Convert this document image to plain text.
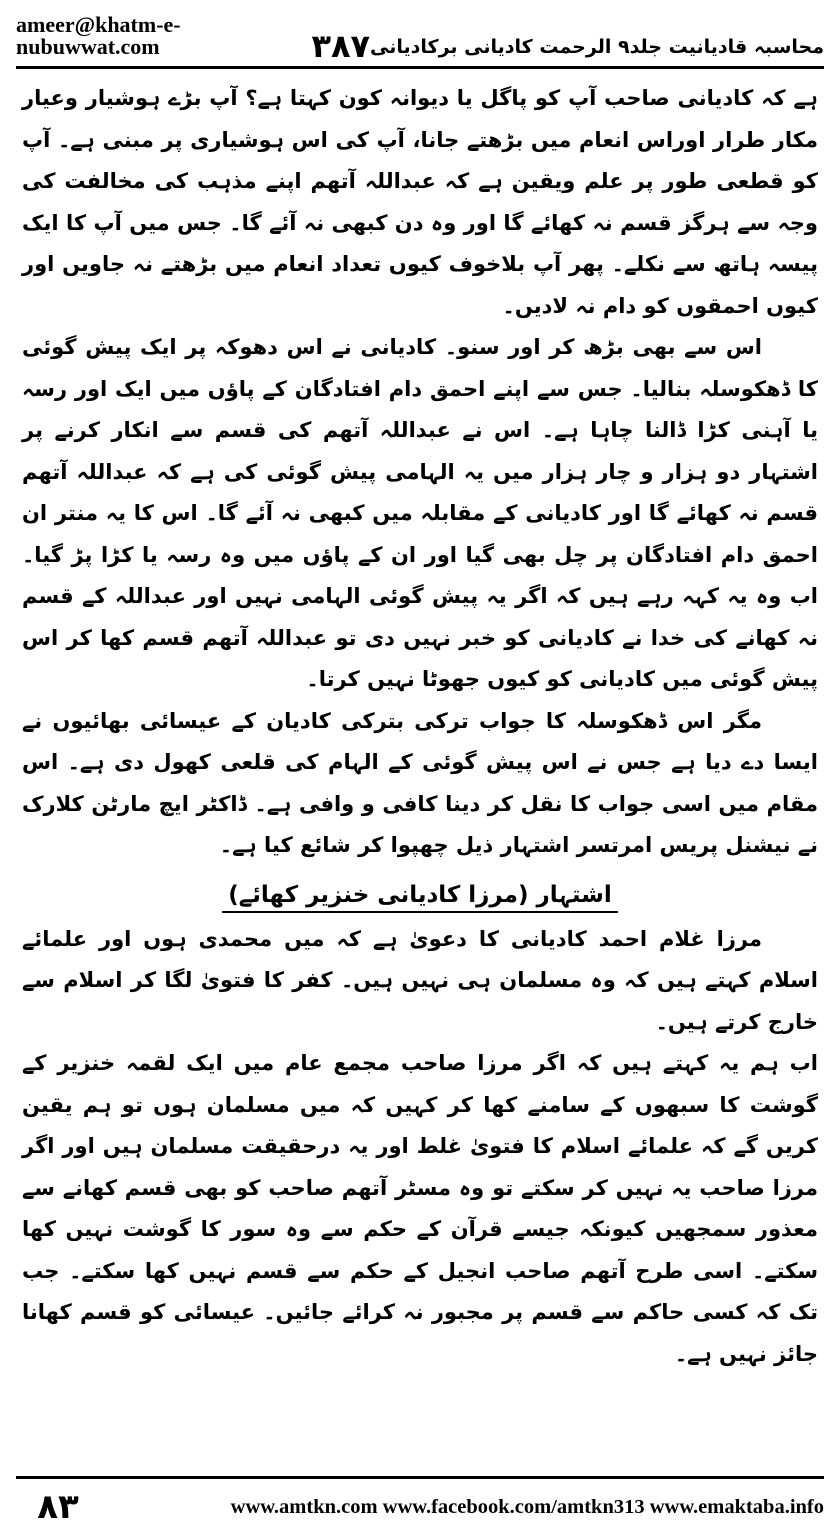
ameer@khatm-e-nubuwwat.com	۳۸۷ محاسبہ قادیانیت جلد۹ الرحمت کادیانی برکادیانی

ہے کہ کادیانی صاحب آپ کو پاگل یا دیوانہ کون کہتا ہے؟ آپ بڑے ہوشیار وعیار مکار طرار اوراس انعام میں بڑھتے جانا، آپ کی اس ہوشیاری پر مبنی ہے۔ آپ کو قطعی طور پر علم ویقین ہے کہ عبداللہ آتھم اپنے مذہب کی مخالفت کی وجہ سے ہرگز قسم نہ کھائے گا اور وہ دن کبھی نہ آئے گا۔ جس میں آپ کا ایک پیسہ ہاتھ سے نکلے۔ پھر آپ بلاخوف کیوں تعداد انعام میں بڑھتے نہ جاویں اور کیوں احمقوں کو دام نہ لادیں۔

اس سے بھی بڑھ کر اور سنو۔ کادیانی نے اس دھوکہ پر ایک پیش گوئی کا ڈھکوسلہ بنالیا۔ جس سے اپنے احمق دام افتادگان کے پاؤں میں ایک اور رسہ یا آہنی کڑا ڈالنا چاہا ہے۔ اس نے عبداللہ آتھم کی قسم سے انکار کرنے پر اشتہار دو ہزار و چار ہزار میں یہ الہامی پیش گوئی کی ہے کہ عبداللہ آتھم قسم نہ کھائے گا اور کادیانی کے مقابلہ میں کبھی نہ آئے گا۔ اس کا یہ منتر ان احمق دام افتادگان پر چل بھی گیا اور ان کے پاؤں میں وہ رسہ یا کڑا پڑ گیا۔ اب وہ یہ کہہ رہے ہیں کہ اگر یہ پیش گوئی الہامی نہیں اور عبداللہ کے قسم نہ کھانے کی خدا نے کادیانی کو خبر نہیں دی تو عبداللہ آتھم قسم کھا کر اس پیش گوئی میں کادیانی کو کیوں جھوٹا نہیں کرتا۔

مگر اس ڈھکوسلہ کا جواب ترکی بترکی کادیان کے عیسائی بھائیوں نے ایسا دے دیا ہے جس نے اس پیش گوئی کے الہام کی قلعی کھول دی ہے۔ اس مقام میں اسی جواب کا نقل کر دینا کافی و وافی ہے۔ ڈاکٹر ایچ مارٹن کلارک نے نیشنل پریس امرتسر اشتہار ذیل چھپوا کر شائع کیا ہے۔

اشتہار (مرزا کادیانی خنزیر کھائے)

مرزا غلام احمد کادیانی کا دعویٰ ہے کہ میں محمدی ہوں اور علمائے اسلام کہتے ہیں کہ وہ مسلمان ہی نہیں ہیں۔ کفر کا فتویٰ لگا کر اسلام سے خارج کرتے ہیں۔

اب ہم یہ کہتے ہیں کہ اگر مرزا صاحب مجمع عام میں ایک لقمہ خنزیر کے گوشت کا سبھوں کے سامنے کھا کر کہیں کہ میں مسلمان ہوں تو ہم یقین کریں گے کہ علمائے اسلام کا فتویٰ غلط اور یہ درحقیقت مسلمان ہیں اور اگر مرزا صاحب یہ نہیں کر سکتے تو وہ مسٹر آتھم صاحب کو بھی قسم کھانے سے معذور سمجھیں کیونکہ جیسے قرآن کے حکم سے وہ سور کا گوشت نہیں کھا سکتے۔ اسی طرح آتھم صاحب انجیل کے حکم سے قسم نہیں کھا سکتے۔ جب تک کہ کسی حاکم سے قسم پر مجبور نہ کرائے جائیں۔ عیسائی کو قسم کھانا جائز نہیں ہے۔

۸۳	www.amtkn.com www.facebook.com/amtkn313 www.emaktaba.info
